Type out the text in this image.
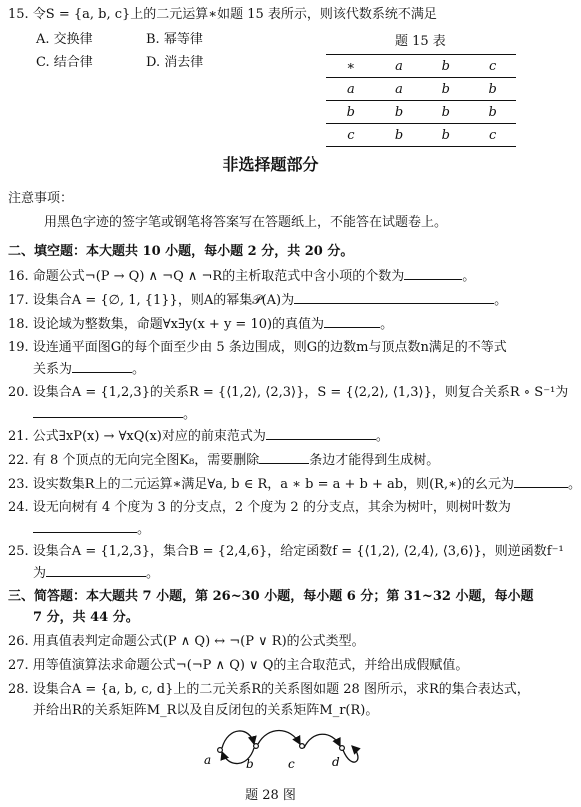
15. 令S = {a, b, c}上的二元运算∗如题 15 表所示，则该代数系统不满足
A. 交换律	B. 幂等律
C. 结合律	D. 消去律
题 15 表
∗	a	b	c
a	a	b	b
b	b	b	b
c	b	b	c
非选择题部分
注意事项：
用黑色字迹的签字笔或钢笔将答案写在答题纸上，不能答在试题卷上。
二、填空题：本大题共 10 小题，每小题 2 分，共 20 分。
16. 命题公式¬(P → Q) ∧ ¬Q ∧ ¬R的主析取范式中含小项的个数为	。
17. 设集合A = {∅, 1, {1}}，则A的幂集𝒫(A)为	。
18. 设论域为整数集，命题∀x∃y(x + y = 10)的真值为	。
19. 设连通平面图G的每个面至少由 5 条边围成，则G的边数m与顶点数n满足的不等式
关系为	。
20. 设集合A = {1,2,3}的关系R = {⟨1,2⟩, ⟨2,3⟩}，S = {⟨2,2⟩, ⟨1,3⟩}，则复合关系R ∘ S⁻¹为
。
21. 公式∃xP(x) → ∀xQ(x)对应的前束范式为	。
22. 有 8 个顶点的无向完全图K₈，需要删除	条边才能得到生成树。
23. 设实数集R上的二元运算∗满足∀a, b ∈ R，a ∗ b = a + b + ab，则(R,∗)的幺元为	。
24. 设无向树有 4 个度为 3 的分支点，2 个度为 2 的分支点，其余为树叶，则树叶数为
。
25. 设集合A = {1,2,3}，集合B = {2,4,6}，给定函数f = {⟨1,2⟩, ⟨2,4⟩, ⟨3,6⟩}，则逆函数f⁻¹
为	。
三、简答题：本大题共 7 小题，第 26~30 小题，每小题 6 分；第 31~32 小题，每小题
7 分，共 44 分。
26. 用真值表判定命题公式(P ∧ Q) ↔ ¬(P ∨ R)的公式类型。
27. 用等值演算法求命题公式¬(¬P ∧ Q) ∨ Q的主合取范式，并给出成假赋值。
28. 设集合A = {a, b, c, d}上的二元关系R的关系图如题 28 图所示，求R的集合表达式，
并给出R的关系矩阵M_R以及自反闭包的关系矩阵M_r(R)。
a	b	c	d
题 28 图
